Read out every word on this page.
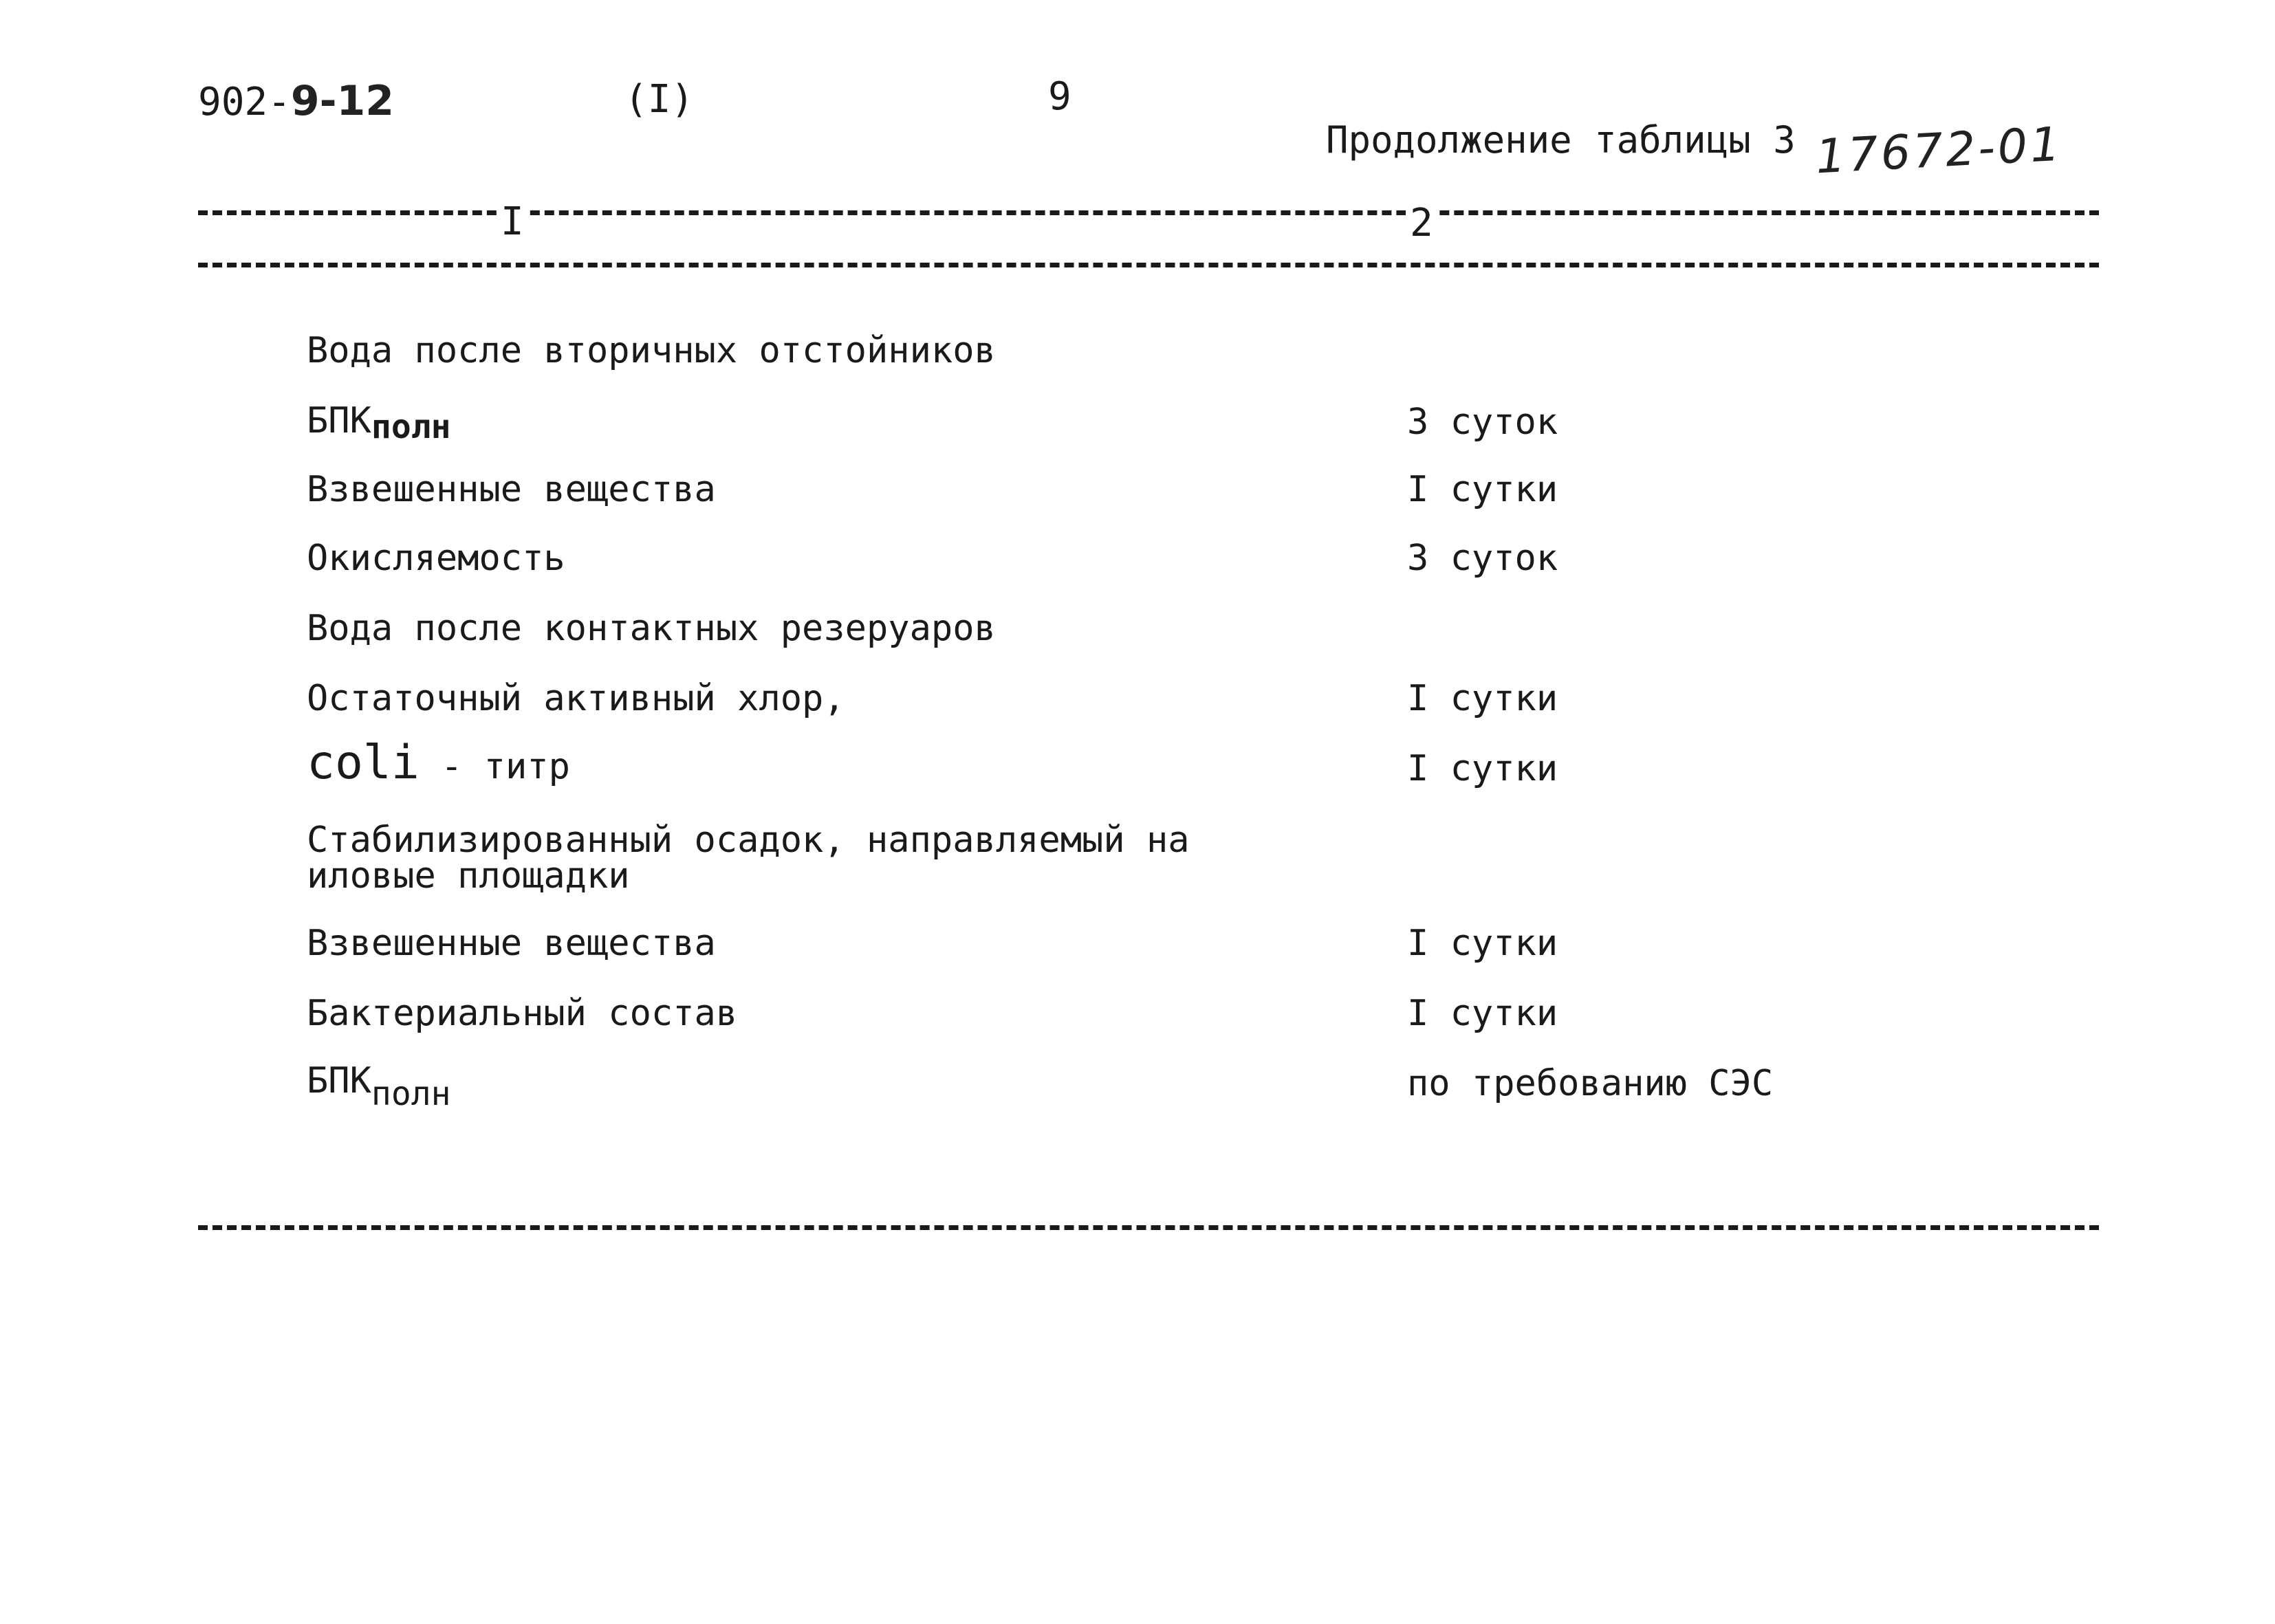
902-9-12	(I)	9
Продолжение таблицы 3 17672-01
I	2
Вода после вторичных отстойников
БПКполн	3 суток
Взвешенные вещества	I сутки
Окисляемость	3 суток
Вода после контактных резеруаров
Остаточный активный хлор,	I сутки
coli - титр	I сутки
Стабилизированный осадок, направляемый на иловые площадки
Взвешенные вещества	I сутки
Бактериальный состав	I сутки
БПКполн	по требованию СЭС
